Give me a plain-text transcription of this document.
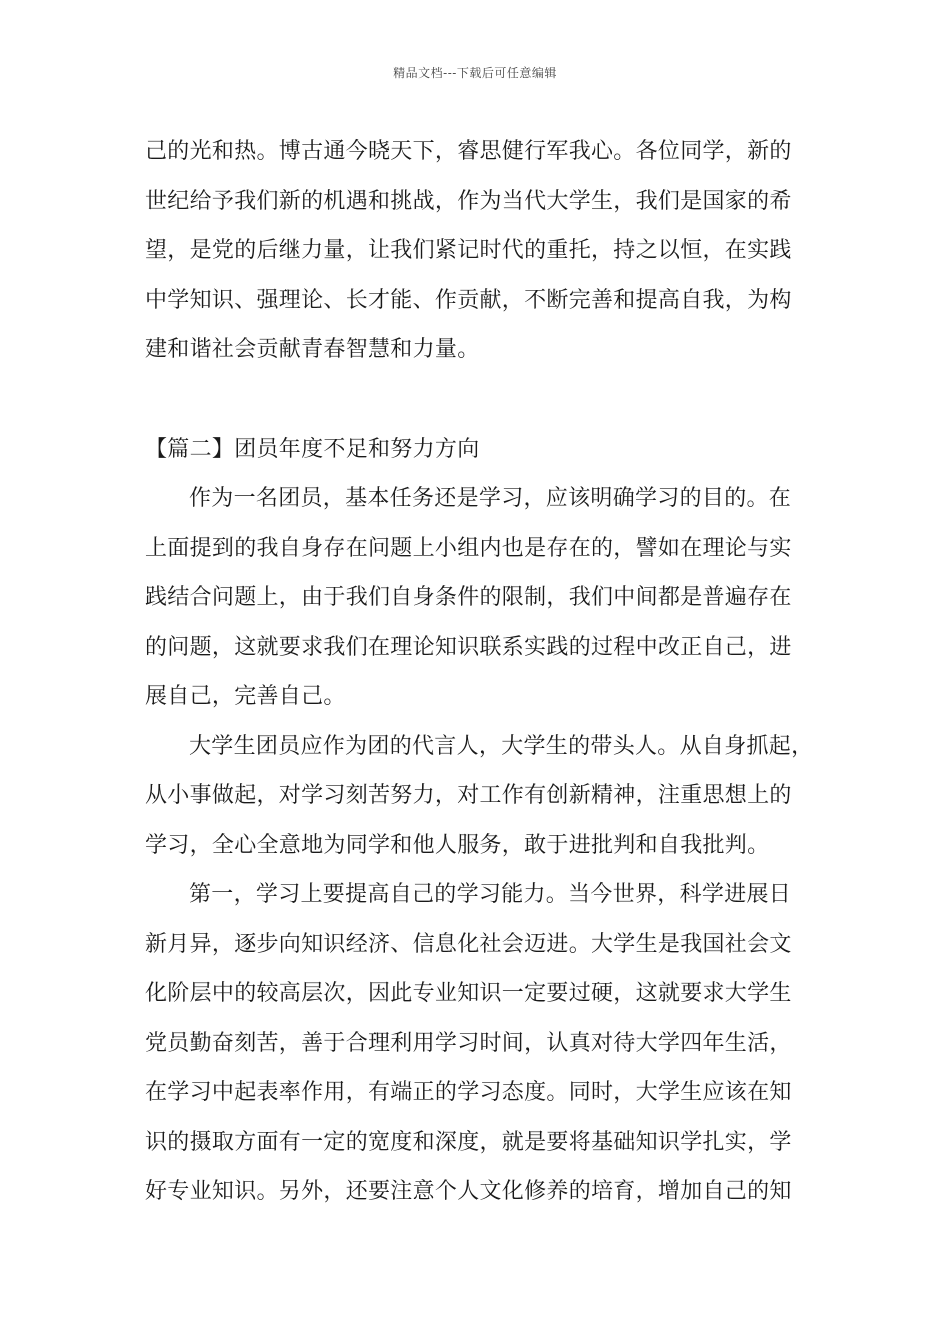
精品文档---下载后可任意编辑
己的光和热。博古通今晓天下，睿思健行军我心。各位同学，新的
世纪给予我们新的机遇和挑战，作为当代大学生，我们是国家的希
望，是党的后继力量，让我们紧记时代的重托，持之以恒，在实践
中学知识、强理论、长才能、作贡献，不断完善和提高自我，为构
建和谐社会贡献青春智慧和力量。
【篇二】团员年度不足和努力方向
作为一名团员，基本任务还是学习，应该明确学习的目的。在
上面提到的我自身存在问题上小组内也是存在的，譬如在理论与实
践结合问题上，由于我们自身条件的限制，我们中间都是普遍存在
的问题，这就要求我们在理论知识联系实践的过程中改正自己，进
展自己，完善自己。
大学生团员应作为团的代言人，大学生的带头人。从自身抓起，
从小事做起，对学习刻苦努力，对工作有创新精神，注重思想上的
学习，全心全意地为同学和他人服务，敢于进批判和自我批判。
第一，学习上要提高自己的学习能力。当今世界，科学进展日
新月异，逐步向知识经济、信息化社会迈进。大学生是我国社会文
化阶层中的较高层次，因此专业知识一定要过硬，这就要求大学生
党员勤奋刻苦，善于合理利用学习时间，认真对待大学四年生活，
在学习中起表率作用，有端正的学习态度。同时，大学生应该在知
识的摄取方面有一定的宽度和深度，就是要将基础知识学扎实，学
好专业知识。另外，还要注意个人文化修养的培育，增加自己的知
